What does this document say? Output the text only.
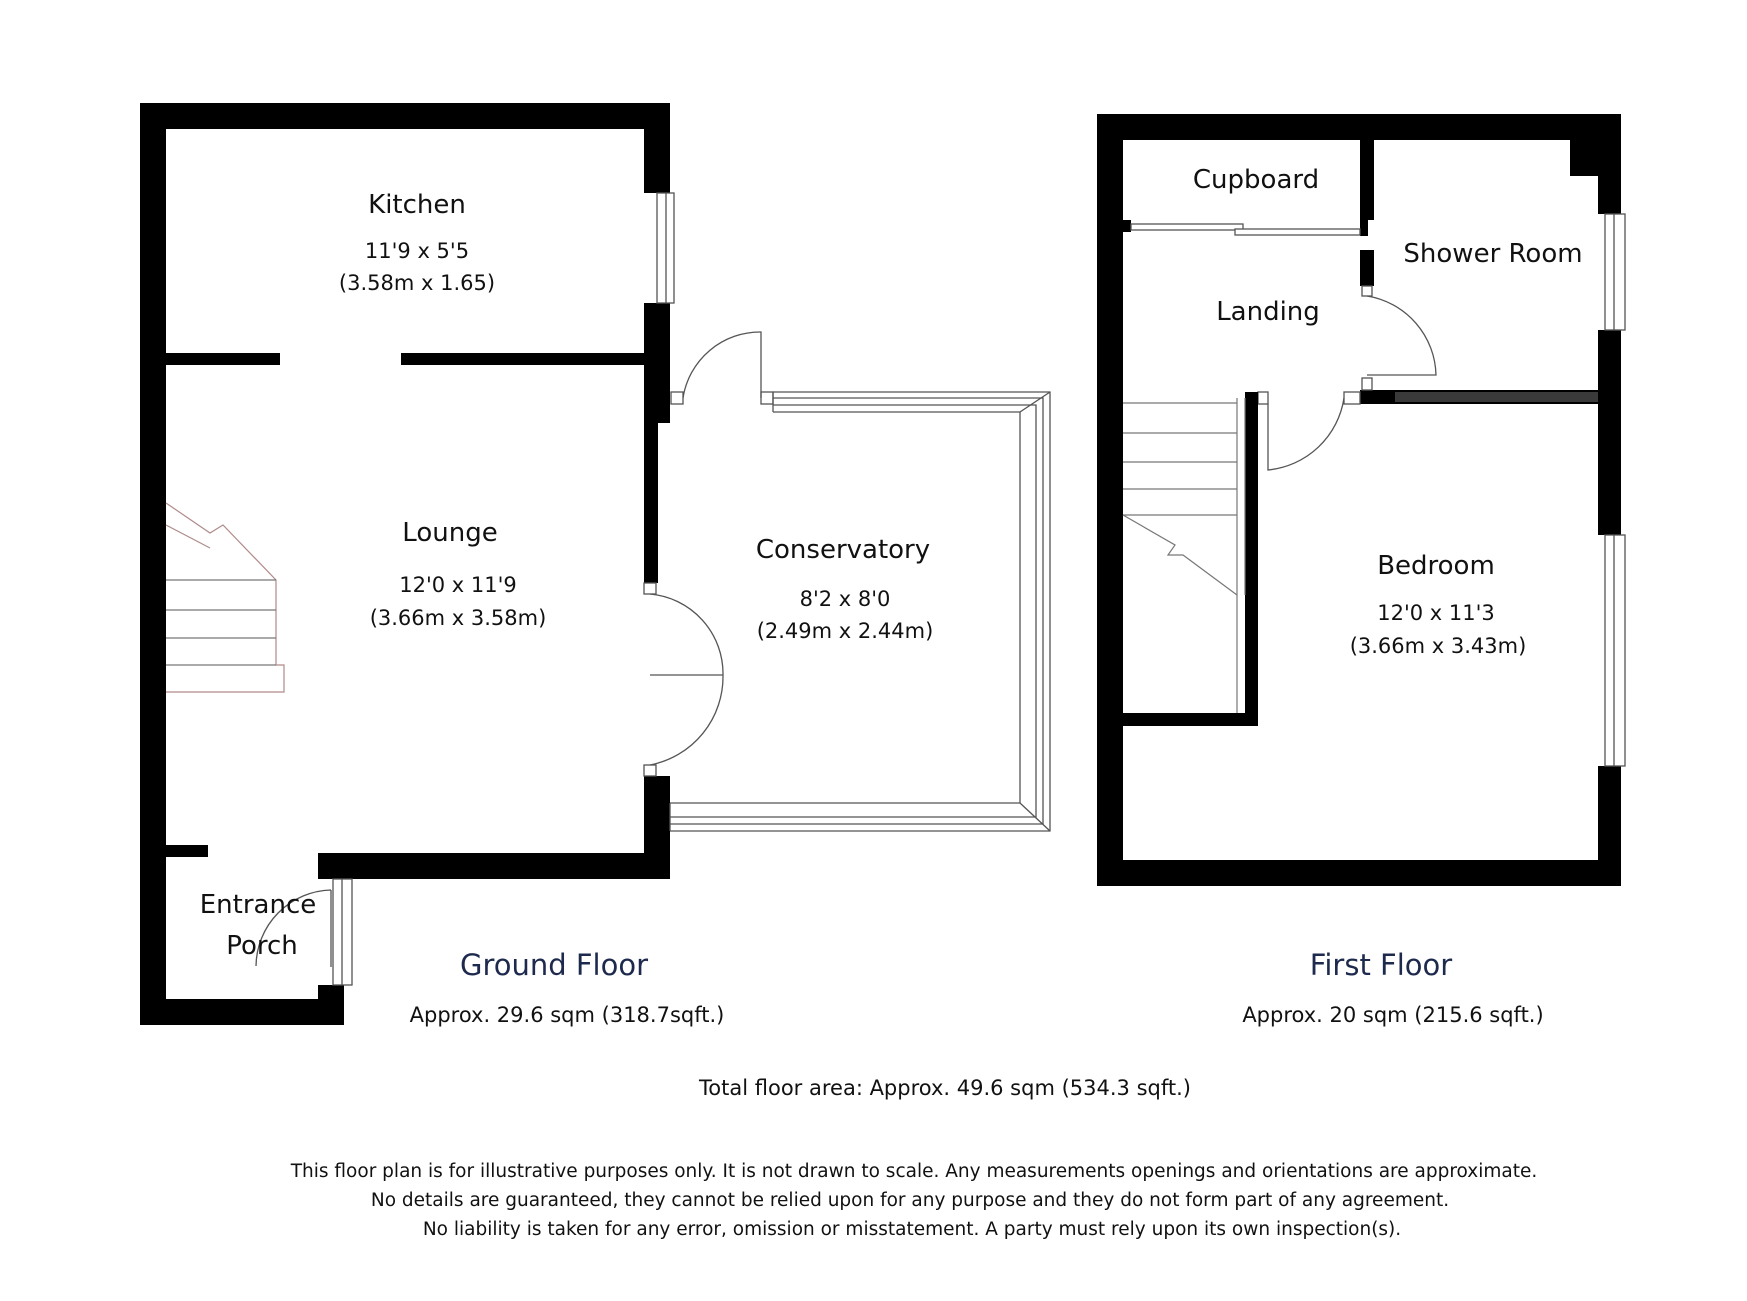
Kitchen
11'9 x 5'5
(3.58m x 1.65)
Lounge
12'0 x 11'9
(3.66m x 3.58m)
Conservatory
8'2 x 8'0
(2.49m x 2.44m)
Entrance
Porch
Cupboard
Shower Room
Landing
Bedroom
12'0 x 11'3
(3.66m x 3.43m)
Ground Floor
Approx. 29.6 sqm (318.7sqft.)
First Floor
Approx. 20 sqm (215.6 sqft.)
Total floor area: Approx. 49.6 sqm (534.3 sqft.)
This floor plan is for illustrative purposes only. It is not drawn to scale. Any measurements openings and orientations are approximate.
No details are guaranteed, they cannot be relied upon for any purpose and they do not form part of any agreement.
No liability is taken for any error, omission or misstatement. A party must rely upon its own inspection(s).
